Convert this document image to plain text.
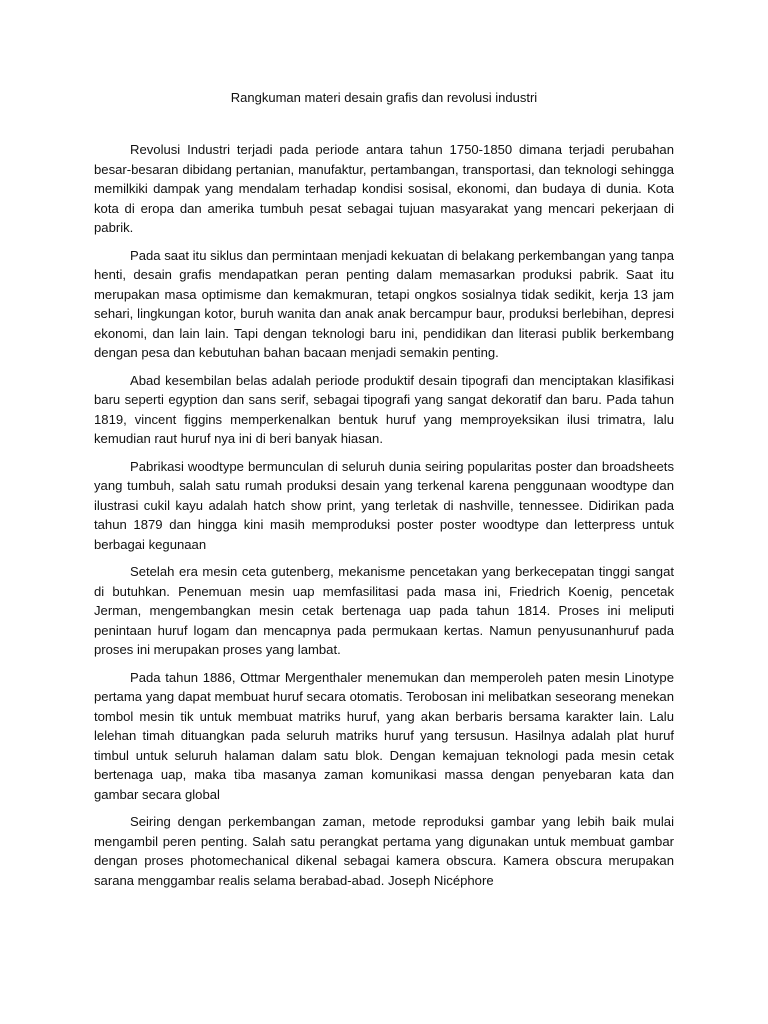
Rangkuman materi desain grafis dan revolusi industri

Revolusi Industri terjadi pada periode antara tahun 1750-1850 dimana terjadi perubahan besar-besaran dibidang pertanian, manufaktur, pertambangan, transportasi, dan teknologi sehingga memilkiki dampak yang mendalam terhadap kondisi sosisal, ekonomi, dan budaya di dunia. Kota kota di eropa dan amerika tumbuh pesat sebagai tujuan masyarakat yang mencari pekerjaan di pabrik.

Pada saat itu siklus dan permintaan menjadi kekuatan di belakang perkembangan yang tanpa henti, desain grafis mendapatkan peran penting dalam memasarkan produksi pabrik. Saat itu merupakan masa optimisme dan kemakmuran, tetapi ongkos sosialnya tidak sedikit, kerja 13 jam sehari, lingkungan kotor, buruh wanita dan anak anak bercampur baur, produksi berlebihan, depresi ekonomi, dan lain lain. Tapi dengan teknologi baru ini, pendidikan dan literasi publik berkembang dengan pesa dan kebutuhan bahan bacaan menjadi semakin penting.

Abad kesembilan belas adalah periode produktif desain tipografi dan menciptakan klasifikasi baru seperti egyption dan sans serif, sebagai tipografi yang sangat dekoratif dan baru. Pada tahun 1819, vincent figgins memperkenalkan bentuk huruf yang memproyeksikan ilusi trimatra, lalu kemudian raut huruf nya ini di beri banyak hiasan.

Pabrikasi woodtype bermunculan di seluruh dunia seiring popularitas poster dan broadsheets yang tumbuh, salah satu rumah produksi desain yang terkenal karena penggunaan woodtype dan ilustrasi cukil kayu adalah hatch show print, yang terletak di nashville, tennessee. Didirikan pada tahun 1879 dan hingga kini masih memproduksi poster poster woodtype dan letterpress untuk berbagai kegunaan

Setelah era mesin ceta gutenberg, mekanisme pencetakan yang berkecepatan tinggi sangat di butuhkan. Penemuan mesin uap memfasilitasi pada masa ini, Friedrich Koenig, pencetak Jerman, mengembangkan mesin cetak bertenaga uap pada tahun 1814. Proses ini meliputi penintaan huruf logam dan mencapnya pada permukaan kertas. Namun penyusunanhuruf pada proses ini merupakan proses yang lambat.

Pada tahun 1886, Ottmar Mergenthaler menemukan dan memperoleh paten mesin Linotype pertama yang dapat membuat huruf secara otomatis. Terobosan ini melibatkan seseorang menekan tombol mesin tik untuk membuat matriks huruf, yang akan berbaris bersama karakter lain. Lalu lelehan timah dituangkan pada seluruh matriks huruf yang tersusun. Hasilnya adalah plat huruf timbul untuk seluruh halaman dalam satu blok. Dengan kemajuan teknologi pada mesin cetak bertenaga uap, maka tiba masanya zaman komunikasi massa dengan penyebaran kata dan gambar secara global

Seiring dengan perkembangan zaman, metode reproduksi gambar yang lebih baik mulai mengambil peren penting. Salah satu perangkat pertama yang digunakan untuk membuat gambar dengan proses photomechanical dikenal sebagai kamera obscura. Kamera obscura merupakan sarana menggambar realis selama berabad-abad. Joseph Nicéphore
